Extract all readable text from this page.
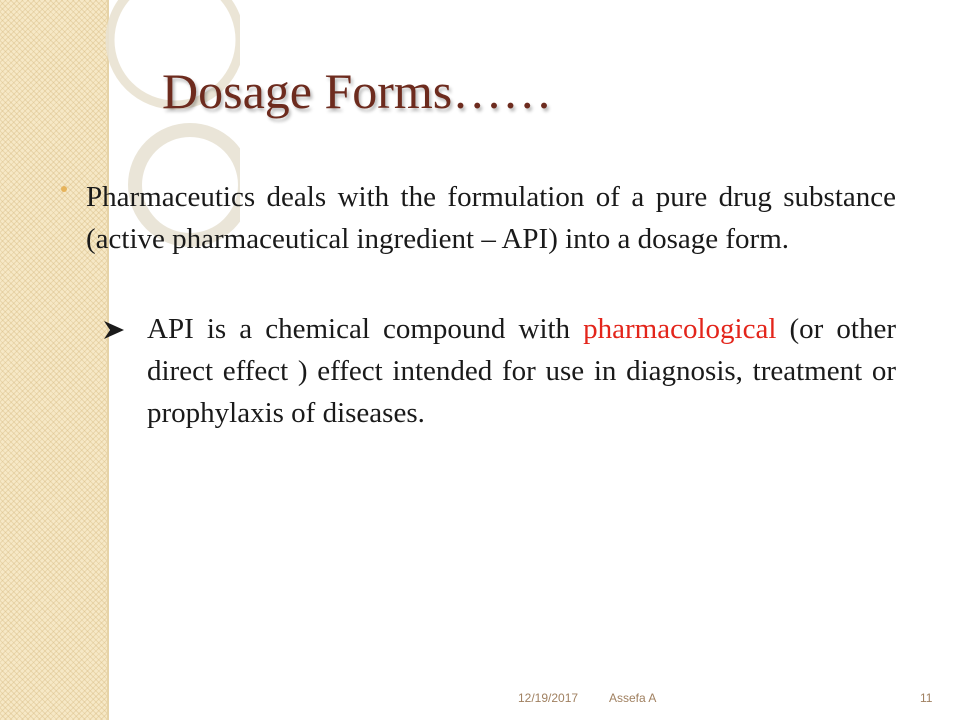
Dosage Forms……

Pharmaceutics deals with the formulation of a pure drug substance (active pharmaceutical ingredient – API) into a dosage form.

API is a chemical compound with pharmacological (or other direct effect ) effect intended for use in diagnosis, treatment or prophylaxis of diseases.

12/19/2017	Assefa A	11
